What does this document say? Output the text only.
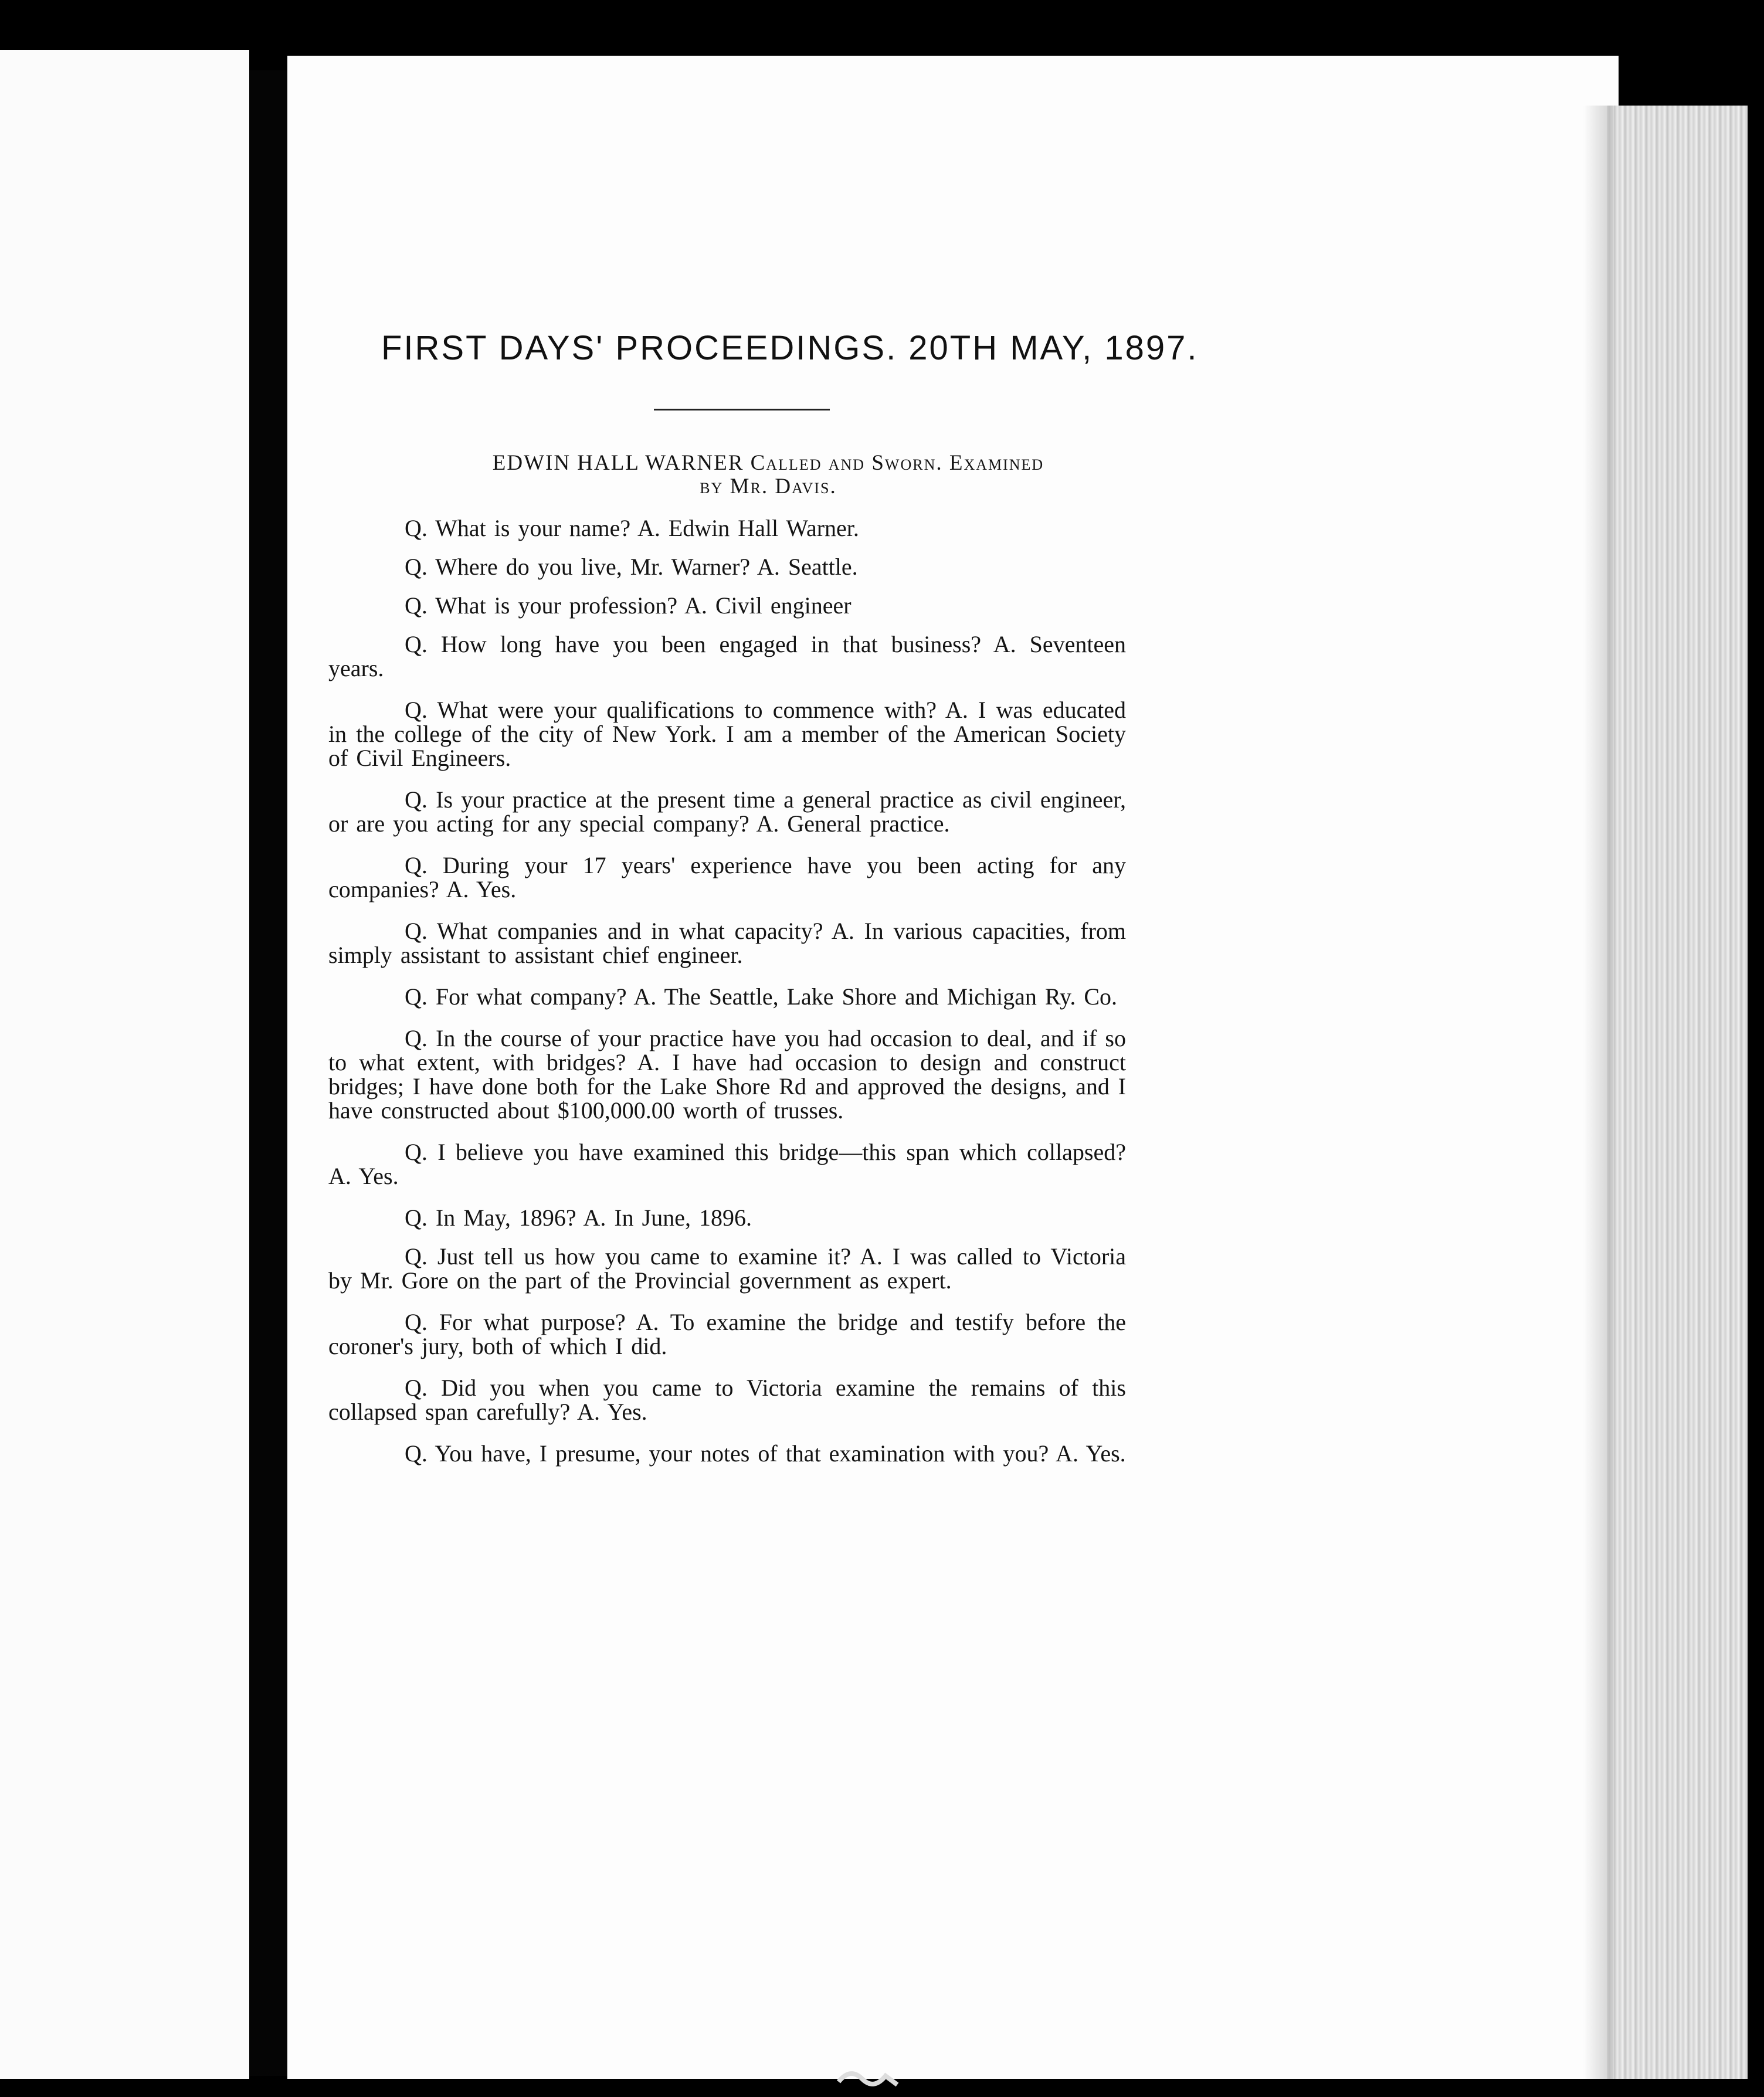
FIRST DAYS' PROCEEDINGS. 20TH MAY, 1897.
EDWIN HALL WARNER Called and Sworn. Examined
by Mr. Davis.

Q. What is your name? A. Edwin Hall Warner.

Q. Where do you live, Mr. Warner? A. Seattle.

Q. What is your profession? A. Civil engineer

Q. How long have you been engaged in that business? A. Seventeen years.

Q. What were your qualifications to commence with? A. I was educated in the college of the city of New York. I am a member of the American Society of Civil Engineers.

Q. Is your practice at the present time a general practice as civil engineer, or are you acting for any special company? A. General practice.

Q. During your 17 years' experience have you been acting for any companies? A. Yes.

Q. What companies and in what capacity? A. In various capacities, from simply assistant to assistant chief engineer.

Q. For what company? A. The Seattle, Lake Shore and Michigan Ry. Co.

Q. In the course of your practice have you had occasion to deal, and if so to what extent, with bridges? A. I have had occasion to design and construct bridges; I have done both for the Lake Shore Rd and approved the designs, and I have constructed about $100,000.00 worth of trusses.

Q. I believe you have examined this bridge—this span which collapsed? A. Yes.

Q. In May, 1896? A. In June, 1896.

Q. Just tell us how you came to examine it? A. I was called to Victoria by Mr. Gore on the part of the Provincial government as expert.

Q. For what purpose? A. To examine the bridge and testify before the coroner's jury, both of which I did.

Q. Did you when you came to Victoria examine the remains of this collapsed span carefully? A. Yes.

Q. You have, I presume, your notes of that examination with you? A. Yes.
